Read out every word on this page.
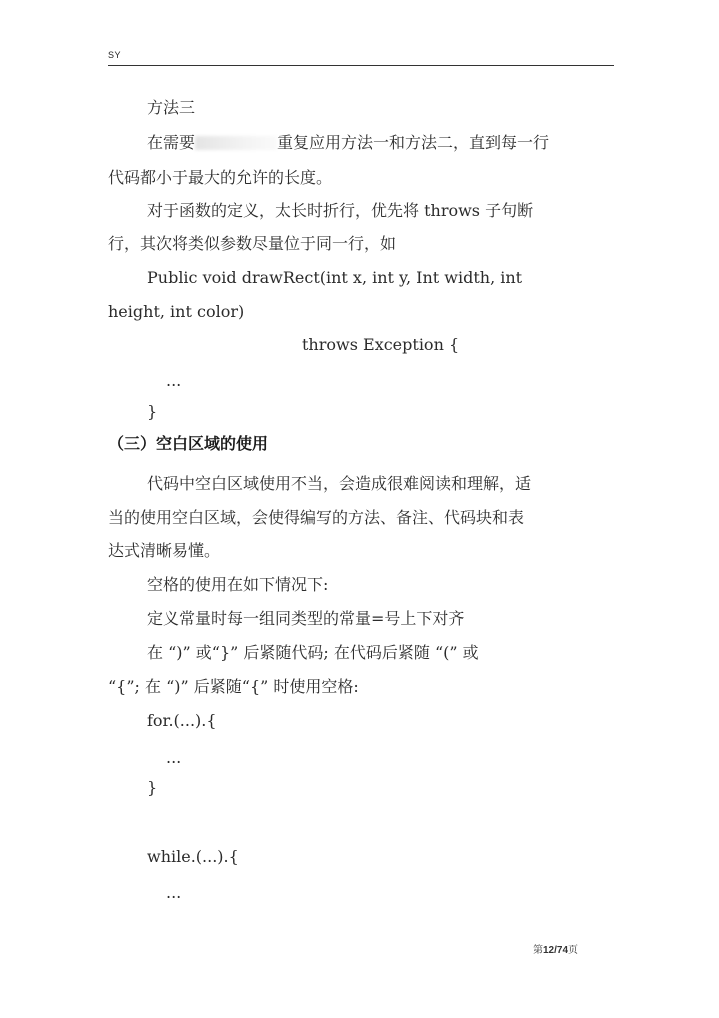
SY
方法三
在需要	重复应用方法一和方法二，直到每一行
代码都小于最大的允许的长度。
对于函数的定义，太长时折行，优先将 throws 子句断
行，其次将类似参数尽量位于同一行，如
Public void drawRect(int x, int y, Int width, int
height, int color)
throws Exception {
...
}
（三）空白区域的使用
代码中空白区域使用不当，会造成很难阅读和理解，适
当的使用空白区域，会使得编写的方法、备注、代码块和表
达式清晰易懂。
空格的使用在如下情况下:
定义常量时每一组同类型的常量=号上下对齐
在 “)” 或“}” 后紧随代码; 在代码后紧随 “(” 或
“{”; 在 “)” 后紧随“{” 时使用空格:
for.(...).{
...
}
while.(...).{
...
第12/74页
